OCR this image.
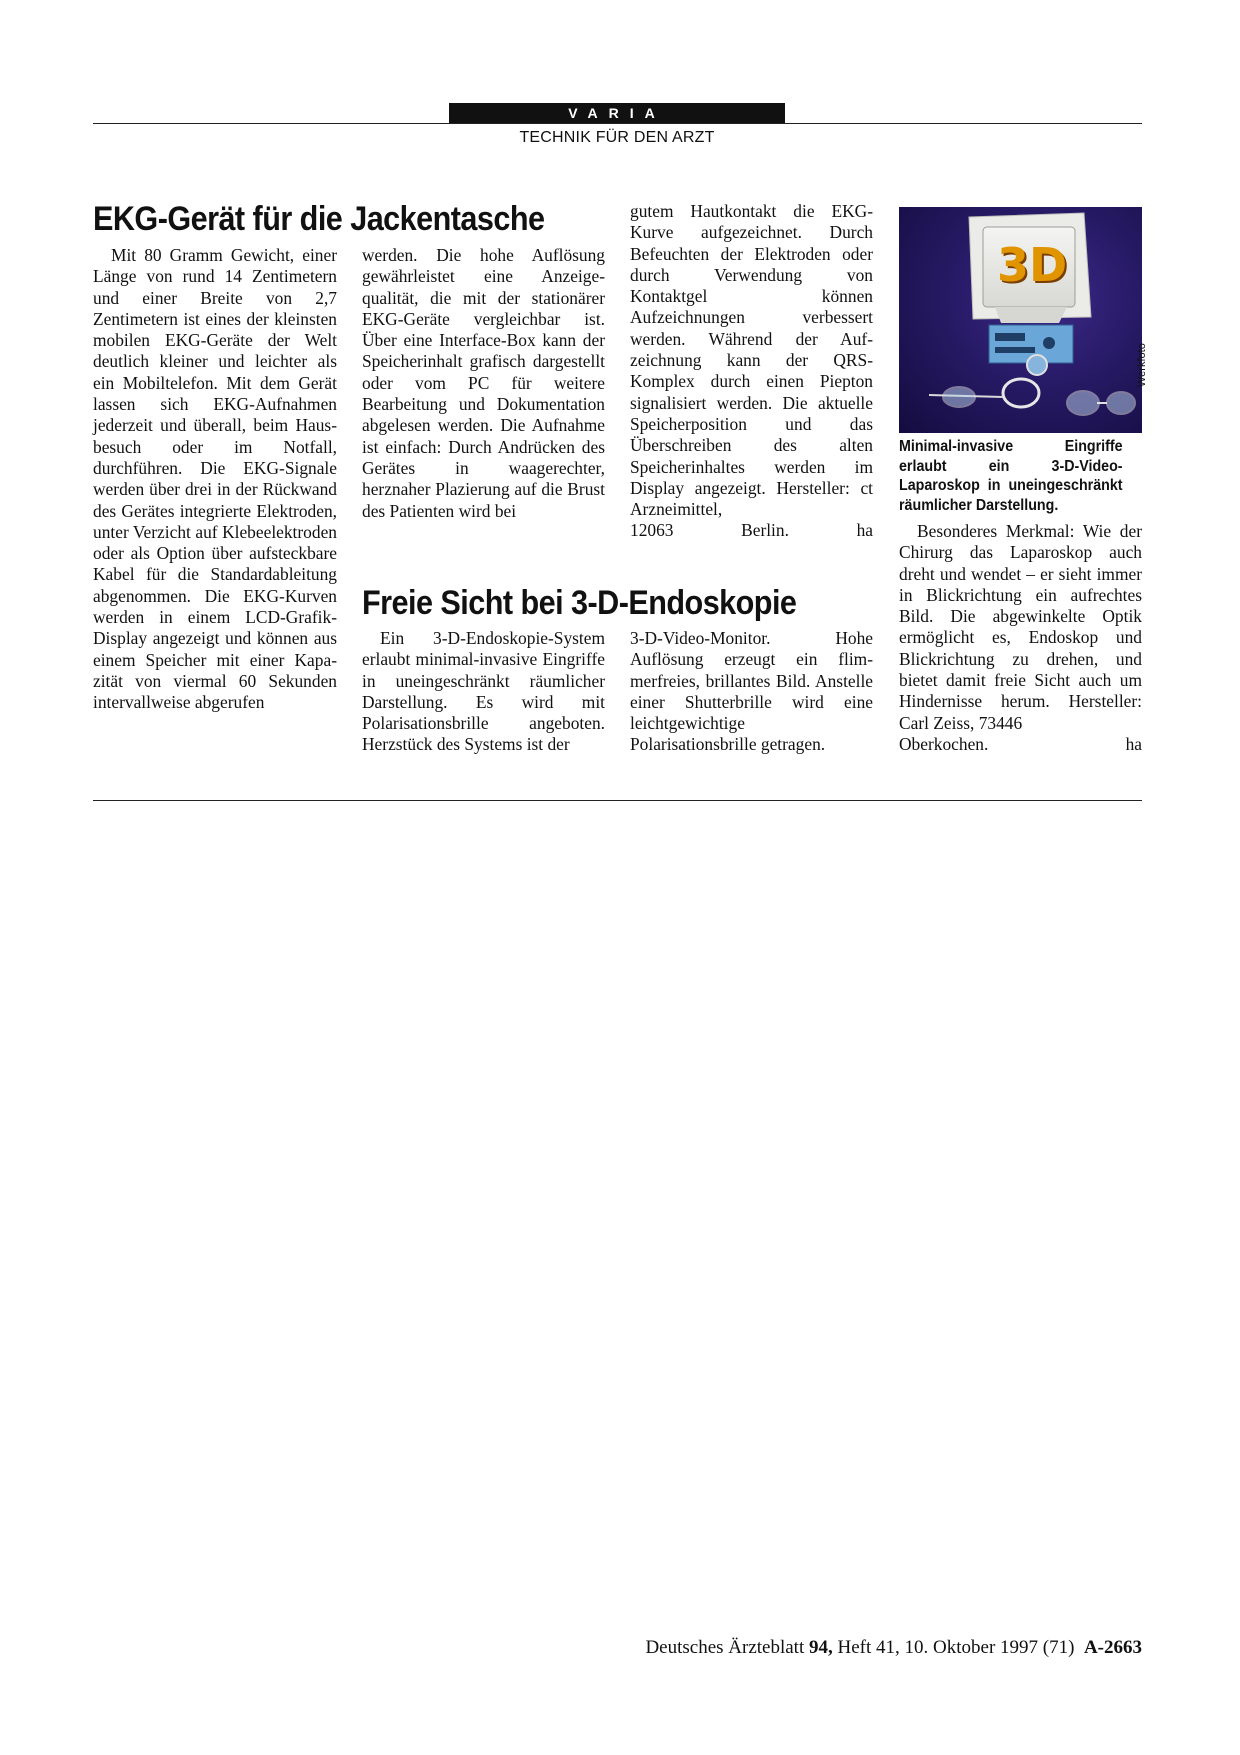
VARIA
TECHNIK FÜR DEN ARZT
EKG-Gerät für die Jackentasche

Mit 80 Gramm Gewicht, einer Länge von rund 14 Zentimetern und einer Breite von 2,7 Zentimetern ist eines der kleinsten mobilen EKG-Geräte der Welt deutlich kleiner und leichter als ein Mobiltelefon. Mit dem Gerät lassen sich EKG-Aufnahmen jederzeit und überall, beim Hausbesuch oder im Notfall, durchführen. Die EKG-Signale werden über drei in der Rückwand des Gerätes integrierte Elektroden, unter Verzicht auf Klebeelektroden oder als Option über aufsteckbare Kabel für die Standardableitung abgenommen. Die EKG-Kurven werden in einem LCD-Grafik-Display angezeigt und können aus einem Speicher mit einer Kapazität von viermal 60 Sekunden intervallweise abgerufen

werden. Die hohe Auflösung gewährleistet eine Anzeigequalität, die mit der stationärer EKG-Geräte vergleichbar ist. Über eine Interface-Box kann der Speicherinhalt grafisch dargestellt oder vom PC für weitere Bearbeitung und Dokumentation abgelesen werden. Die Aufnahme ist einfach: Durch Andrücken des Gerätes in waagerechter, herznaher Plazierung auf die Brust des Patienten wird bei

gutem Hautkontakt die EKG-Kurve aufgezeichnet. Durch Befeuchten der Elektroden oder durch Verwendung von Kontaktgel können Aufzeichnungen verbessert werden. Während der Aufzeichnung kann der QRS-Komplex durch einen Piepton signalisiert werden. Die aktuelle Speicherposition und das Überschreiben des alten Speicherinhaltes werden im Display angezeigt. Hersteller: ct Arzneimittel,

12063 Berlin. ha

3D
Werkfoto
Minimal-invasive Eingriffe erlaubt ein 3-D-Video-Laparoskop in uneingeschränkt räumlicher Darstellung.
Freie Sicht bei 3-D-Endoskopie

Ein 3-D-Endoskopie-System erlaubt minimal-invasive Eingriffe in uneingeschränkt räumlicher Darstellung. Es wird mit Polarisationsbrille angeboten. Herzstück des Systems ist der

3-D-Video-Monitor. Hohe Auflösung erzeugt ein flimmerfreies, brillantes Bild. Anstelle einer Shutterbrille wird eine leichtgewichtige Polarisationsbrille getragen.

Besonderes Merkmal: Wie der Chirurg das Laparoskop auch dreht und wendet – er sieht immer in Blickrichtung ein aufrechtes Bild. Die abgewinkelte Optik ermöglicht es, Endoskop und Blickrichtung zu drehen, und bietet damit freie Sicht auch um Hindernisse herum. Hersteller: Carl Zeiss, 73446

Oberkochen. ha

Deutsches Ärzteblatt 94, Heft 41, 10. Oktober 1997 (71) A-2663
